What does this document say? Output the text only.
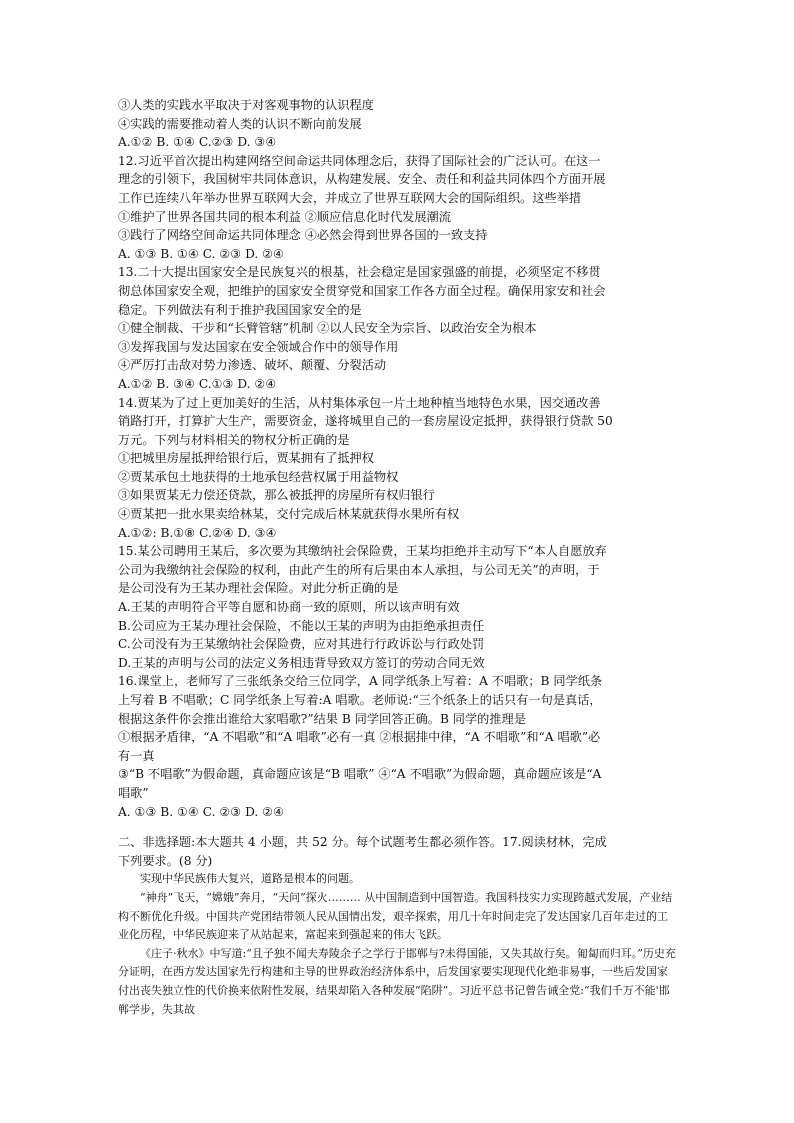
③人类的实践水平取决于对客观事物的认识程度
④实践的需要推动着人类的认识不断向前发展
A.①② B. ①④ C.②③ D. ③④
12.习近平首次提出构建网络空间命运共同体理念后，获得了国际社会的广泛认可。在这一
理念的引领下，我国树牢共同体意识，从构建发展、安全、责任和利益共同体四个方面开展
工作已连续八年举办世界互联网大会，并成立了世界互联网大会的国际组织。这些举措
①维护了世界各国共同的根本利益 ②顺应信息化时代发展潮流
③践行了网络空间命运共同体理念 ④必然会得到世界各国的一致支持
A. ①③ B. ①④ C. ②③ D. ②④
13.二十大提出国家安全是民族复兴的根基，社会稳定是国家强盛的前提，必须坚定不移贯
彻总体国家安全观，把维护的国家安全贯穿党和国家工作各方面全过程。确保用家安和社会
稳定。下列做法有利于推护我国国家安全的是
①健全制裁、干步和“长臂管辖”机制 ②以人民安全为宗旨、以政治安全为根本
③发挥我国与发达国家在安全领域合作中的领导作用
④严厉打击敌对势力渗透、破坏、颠覆、分裂活动
A.①② B. ③④ C.①③ D. ②④
14.贾某为了过上更加美好的生活，从村集体承包一片土地种植当地特色水果，因交通改善
销路打开，打算扩大生产，需要资金，遂将城里自己的一套房屋设定抵押，获得银行贷款 50
万元。下列与材料相关的物权分析正确的是
①把城里房屋抵押给银行后，贾某拥有了抵押权
②贾某承包土地获得的土地承包经营权属于用益物权
③如果贾某无力偿还贷款，那么被抵押的房屋所有权归银行
④贾某把一批水果卖给林某，交付完成后林某就获得水果所有权
A.①②: B.①⑧ C.②④ D. ③④
15.某公司聘用王某后，多次要为其缴纳社会保险费，王某均拒绝并主动写下“本人自愿放弃
公司为我缴纳社会保险的权利，由此产生的所有后果由本人承担，与公司无关”的声明，于
是公司没有为王某办理社会保险。对此分析正确的是
A.王某的声明符合平等自愿和协商一致的原则，所以该声明有效
B.公司应为王某办理社会保险，不能以王某的声明为由拒绝承担责任
C.公司没有为王某缴纳社会保险费，应对其进行行政诉讼与行政处罚
D.王某的声明与公司的法定义务相违背导致双方签订的劳动合同无效
16.课堂上，老师写了三张纸条交给三位同学，A 同学纸条上写着：A 不唱歌；B 同学纸条
上写着 B 不唱歌；C 同学纸条上写着:A 唱歌。老师说:“三个纸条上的话只有一句是真话，
根据这条件你会推出谁给大家唱歌?”结果 B 同学回答正确。B 同学的推理是
①根据矛盾律，“A 不唱歌”和“A 唱歌”必有一真 ②根据排中律，“A 不唱歌”和“A 唱歌”必
有一真
③“B 不唱歌”为假命题，真命题应该是“B 唱歌” ④“A 不唱歌”为假命题，真命题应该是“A
唱歌”
A. ①③ B. ①④ C. ②③ D. ②④
二、非选择题:本大题共 4 小题，共 52 分。每个试题考生都必须作答。17.阅读材林，完成
下列要求。(8 分)
实现中华民族伟大复兴，道路是根本的问题。
“神舟”飞天，“嫦娥”奔月，“天问”探火……… 从中国制造到中国智造。我国科技实力实现跨越式发展，产业结构不断优化升级。中国共产党团结带领人民从国情出发，艰辛探索，用几十年时间走完了发达国家几百年走过的工业化历程，中华民族迎来了从站起来，富起来到强起来的伟大飞跃。
《庄子·秋水》中写道:“且子独不闻夫寿陵余子之学行于邯郸与?未得国能，又失其故行矣。匍匐而归耳。”历史充分证明，在西方发达国家先行构建和主导的世界政治经济体系中，后发国家要实现现代化绝非易事，一些后发国家付出丧失独立性的代价换来依附性发展，结果却陷入各种发展“陷阱”。习近平总书记曾告诫全党:“我们千万不能'邯郸学步，失其故
